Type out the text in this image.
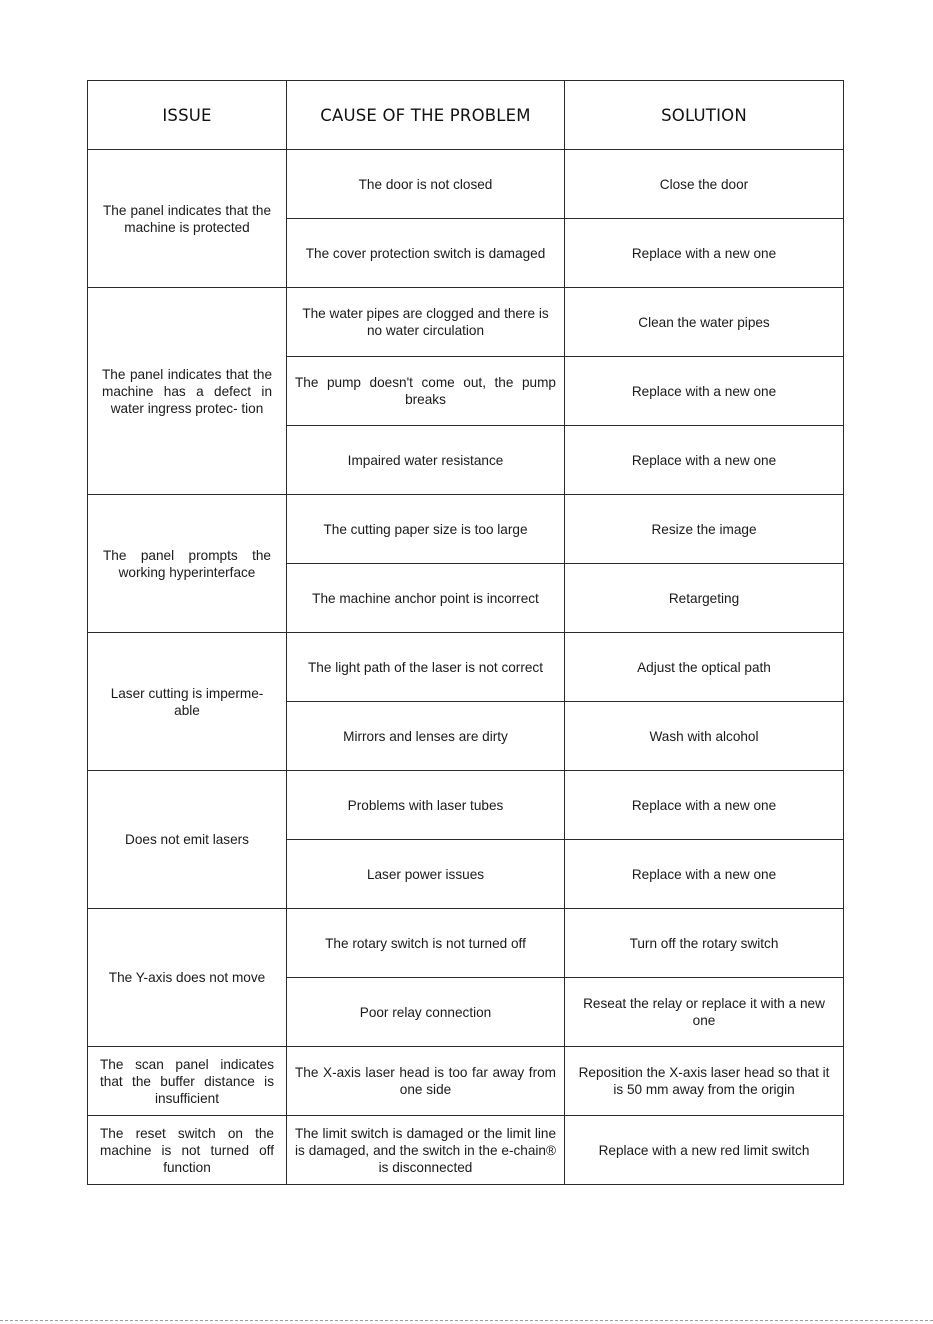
ISSUE	CAUSE OF THE PROBLEM	SOLUTION
The panel indicates that the machine is protected	The door is not closed	Close the door
	The cover protection switch is damaged	Replace with a new one
The panel indicates that the machine has a defect in water ingress protec- tion	The water pipes are clogged and there is no water circulation	Clean the water pipes
	The pump doesn't come out, the pump breaks	Replace with a new one
	Impaired water resistance	Replace with a new one
The panel prompts the working hyperinterface	The cutting paper size is too large	Resize the image
	The machine anchor point is incorrect	Retargeting
Laser cutting is imperme- able	The light path of the laser is not correct	Adjust the optical path
	Mirrors and lenses are dirty	Wash with alcohol
Does not emit lasers	Problems with laser tubes	Replace with a new one
	Laser power issues	Replace with a new one
The Y-axis does not move	The rotary switch is not turned off	Turn off the rotary switch
	Poor relay connection	Reseat the relay or replace it with a new one
The scan panel indicates that the buffer distance is insufficient	The X-axis laser head is too far away from one side	Reposition the X-axis laser head so that it is 50 mm away from the origin
The reset switch on the machine is not turned off function	The limit switch is damaged or the limit line is damaged, and the switch in the e-chain® is disconnected	Replace with a new red limit switch
